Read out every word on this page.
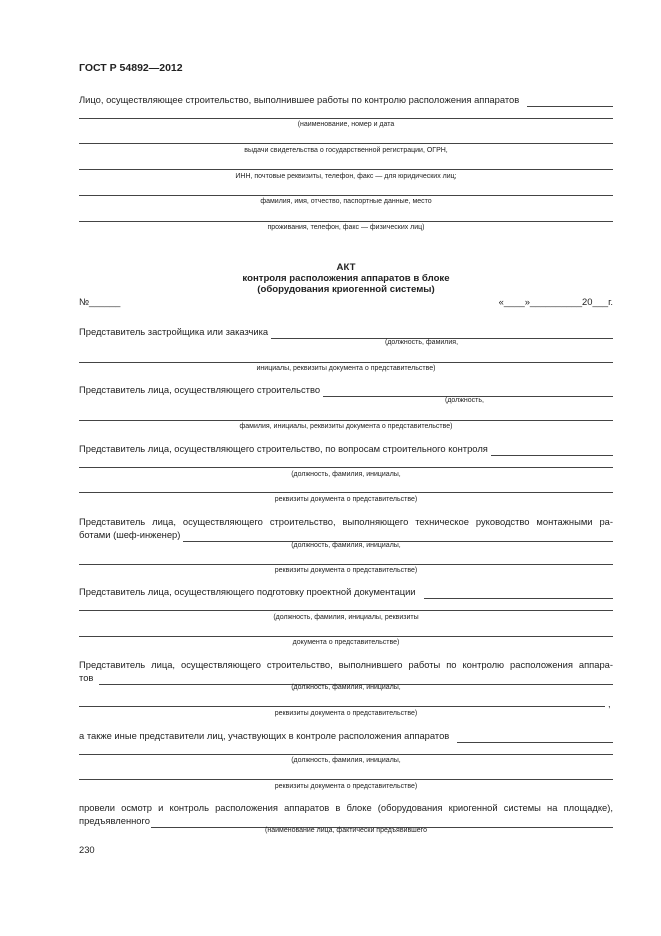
ГОСТ Р 54892—2012
Лицо, осуществляющее строительство, выполнившее работы по контролю расположения аппаратов
(наименование, номер и дата
выдачи свидетельства о государственной регистрации, ОГРН,
ИНН, почтовые реквизиты, телефон, факс — для юридических лиц;
фамилия, имя, отчество, паспортные данные, место
проживания, телефон, факс — физических лиц)
АКТ
контроля расположения аппаратов в блоке
(оборудования криогенной системы)
№______	«____»__________20___г.
Представитель застройщика или заказчика
(должность, фамилия,
инициалы, реквизиты документа о представительстве)
Представитель лица, осуществляющего строительство
(должность,
фамилия, инициалы, реквизиты документа о представительстве)
Представитель лица, осуществляющего строительство, по вопросам строительного контроля
(должность, фамилия, инициалы,
реквизиты документа о представительстве)
Представитель лица, осуществляющего строительство, выполняющего техническое руководство монтажными ра-
ботами (шеф-инженер)
(должность, фамилия, инициалы,
реквизиты документа о представительстве)
Представитель лица, осуществляющего подготовку проектной документации
(должность, фамилия, инициалы, реквизиты
документа о представительстве)
Представитель лица, осуществляющего строительство, выполнившего работы по контролю расположения аппара-
тов
(должность, фамилия, инициалы,
,
реквизиты документа о представительстве)
а также иные представители лиц, участвующих в контроле расположения аппаратов
(должность, фамилия, инициалы,
реквизиты документа о представительстве)
провели осмотр и контроль расположения аппаратов в блоке (оборудования криогенной системы на площадке),
предъявленного
(наименование лица, фактически предъявившего
230
